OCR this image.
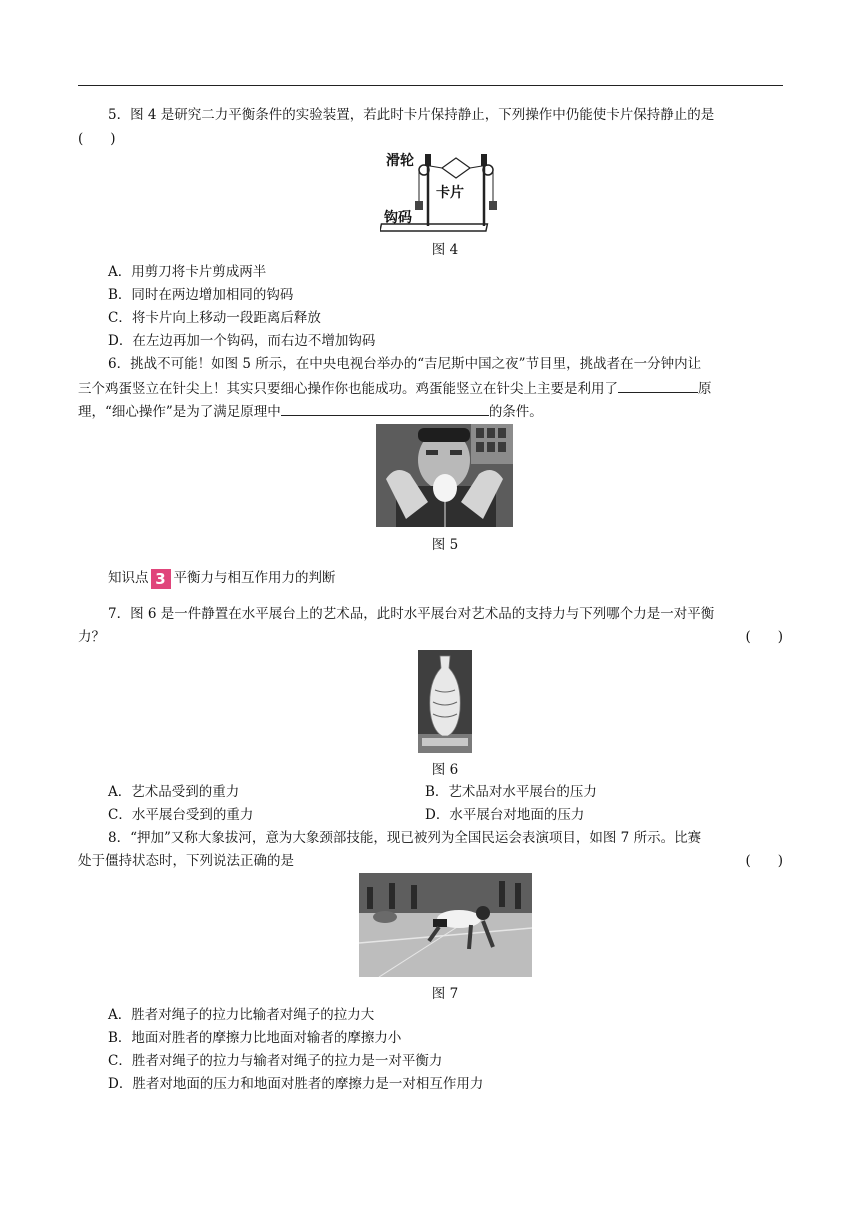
5．图 4 是研究二力平衡条件的实验装置，若此时卡片保持静止，下列操作中仍能使卡片保持静止的是
(　　)
滑轮
卡片
钩码
图 4
A．用剪刀将卡片剪成两半
B．同时在两边增加相同的钩码
C．将卡片向上移动一段距离后释放
D．在左边再加一个钩码，而右边不增加钩码
6．挑战不可能！如图 5 所示，在中央电视台举办的“吉尼斯中国之夜”节目里，挑战者在一分钟内让
三个鸡蛋竖立在针尖上！其实只要细心操作你也能成功。鸡蛋能竖立在针尖上主要是利用了	原
理，“细心操作”是为了满足原理中	的条件。
图 5
知识点 3 平衡力与相互作用力的判断
7．图 6 是一件静置在水平展台上的艺术品，此时水平展台对艺术品的支持力与下列哪个力是一对平衡
力？	(　　)
图 6
A．艺术品受到的重力	B．艺术品对水平展台的压力
C．水平展台受到的重力	D．水平展台对地面的压力
8．“押加”又称大象拔河，意为大象颈部技能，现已被列为全国民运会表演项目，如图 7 所示。比赛
处于僵持状态时，下列说法正确的是	(　　)
图 7
A．胜者对绳子的拉力比输者对绳子的拉力大
B．地面对胜者的摩擦力比地面对输者的摩擦力小
C．胜者对绳子的拉力与输者对绳子的拉力是一对平衡力
D．胜者对地面的压力和地面对胜者的摩擦力是一对相互作用力
